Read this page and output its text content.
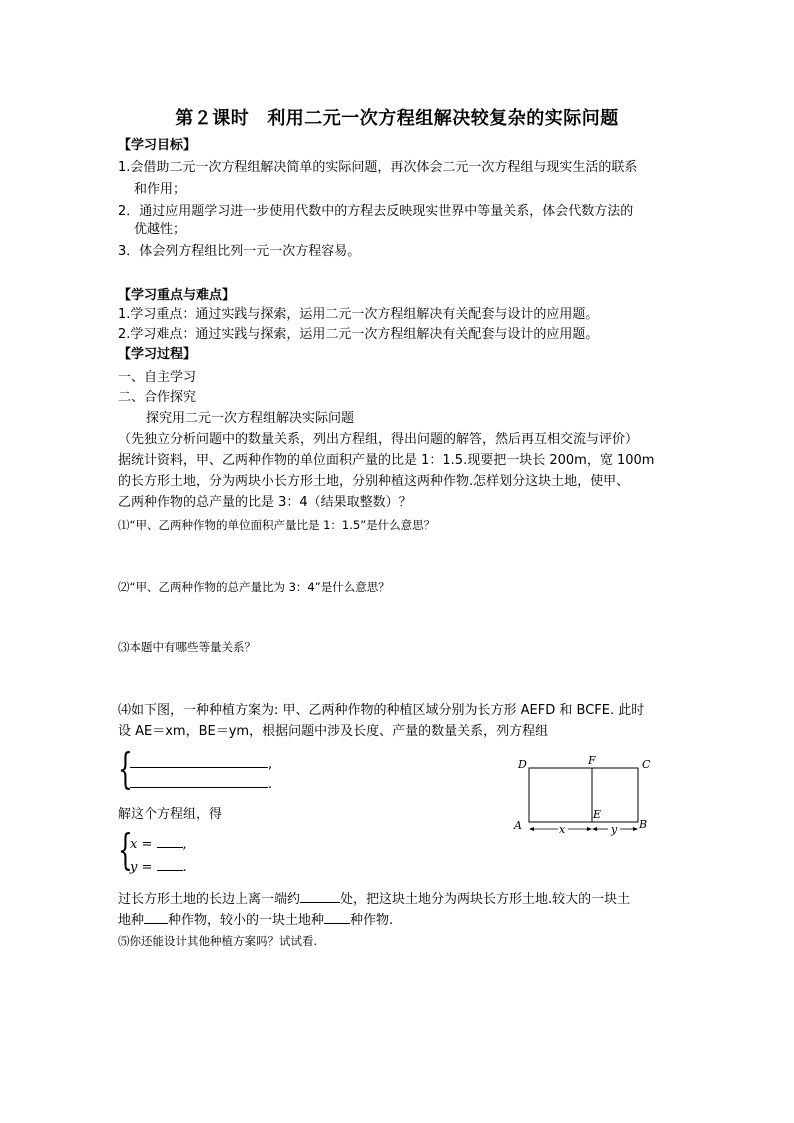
第２课时 利用二元一次方程组解决较复杂的实际问题
【学习目标】
1.会借助二元一次方程组解决简单的实际问题，再次体会二元一次方程组与现实生活的联系
和作用；
2．通过应用题学习进一步使用代数中的方程去反映现实世界中等量关系，体会代数方法的
优越性；
3．体会列方程组比列一元一次方程容易。
【学习重点与难点】
1.学习重点：通过实践与探索，运用二元一次方程组解决有关配套与设计的应用题。
2.学习难点：通过实践与探索，运用二元一次方程组解决有关配套与设计的应用题。
【学习过程】
一、自主学习
二、合作探究
探究用二元一次方程组解决实际问题
（先独立分析问题中的数量关系，列出方程组，得出问题的解答，然后再互相交流与评价）
据统计资料，甲、乙两种作物的单位面积产量的比是 1：1.5.现要把一块长 200m，宽 100m
的长方形土地，分为两块小长方形土地，分别种植这两种作物.怎样划分这块土地，使甲、
乙两种作物的总产量的比是 3：4（结果取整数）？
⑴“甲、乙两种作物的单位面积产量比是 1：1.5”是什么意思？
⑵“甲、乙两种作物的总产量比为 3：4”是什么意思？
⑶本题中有哪些等量关系？
⑷如下图，一种种植方案为: 甲、乙两种作物的种植区域分别为长方形 AEFD 和 BCFE. 此时
设 AE＝xm，BE＝ym，根据问题中涉及长度、产量的数量关系，列方程组
{	,
.
解这个方程组，得
{
x = ,
y = .
过长方形土地的长边上离一端约	处，把这块土地分为两块长方形土地.较大的一块土
地种 种作物，较小的一块土地种 种作物.
⑸你还能设计其他种植方案吗？试试看.
D	F	C
A
E
B
x	y
